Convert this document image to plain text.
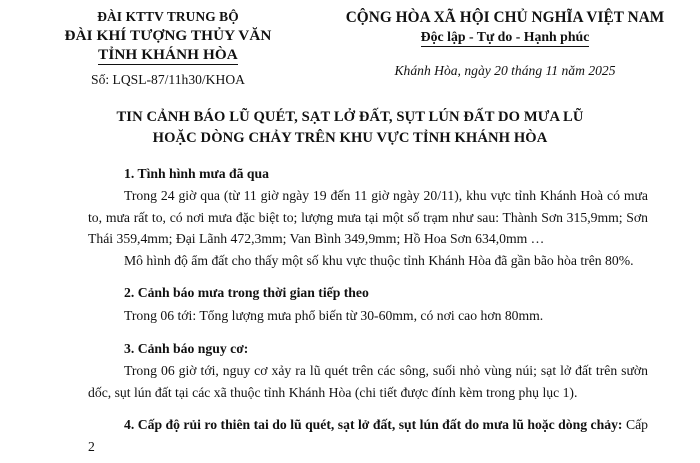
ĐÀI KTTV TRUNG BỘ
ĐÀI KHÍ TƯỢNG THỦY VĂN
TỈNH KHÁNH HÒA
Số: LQSL-87/11h30/KHOA
CỘNG HÒA XÃ HỘI CHỦ NGHĨA VIỆT NAM
Độc lập - Tự do - Hạnh phúc
Khánh Hòa, ngày 20 tháng 11 năm 2025
TIN CẢNH BÁO LŨ QUÉT, SẠT LỞ ĐẤT, SỤT LÚN ĐẤT DO MƯA LŨ
HOẶC DÒNG CHẢY TRÊN KHU VỰC TỈNH KHÁNH HÒA
1. Tình hình mưa đã qua

Trong 24 giờ qua (từ 11 giờ ngày 19 đến 11 giờ ngày 20/11), khu vực tỉnh Khánh Hoà có mưa to, mưa rất to, có nơi mưa đặc biệt to; lượng mưa tại một số trạm như sau: Thành Sơn 315,9mm; Sơn Thái 359,4mm; Đại Lãnh 472,3mm; Van Bình 349,9mm; Hồ Hoa Sơn 634,0mm …

Mô hình độ ẩm đất cho thấy một số khu vực thuộc tỉnh Khánh Hòa đã gần bão hòa trên 80%.

2. Cảnh báo mưa trong thời gian tiếp theo

Trong 06 tới: Tổng lượng mưa phổ biến từ 30-60mm, có nơi cao hơn 80mm.

3. Cảnh báo nguy cơ:

Trong 06 giờ tới, nguy cơ xảy ra lũ quét trên các sông, suối nhỏ vùng núi; sạt lở đất trên sườn dốc, sụt lún đất tại các xã thuộc tỉnh Khánh Hòa (chi tiết được đính kèm trong phụ lục 1).

4. Cấp độ rủi ro thiên tai do lũ quét, sạt lở đất, sụt lún đất do mưa lũ hoặc dòng chảy: Cấp 2
